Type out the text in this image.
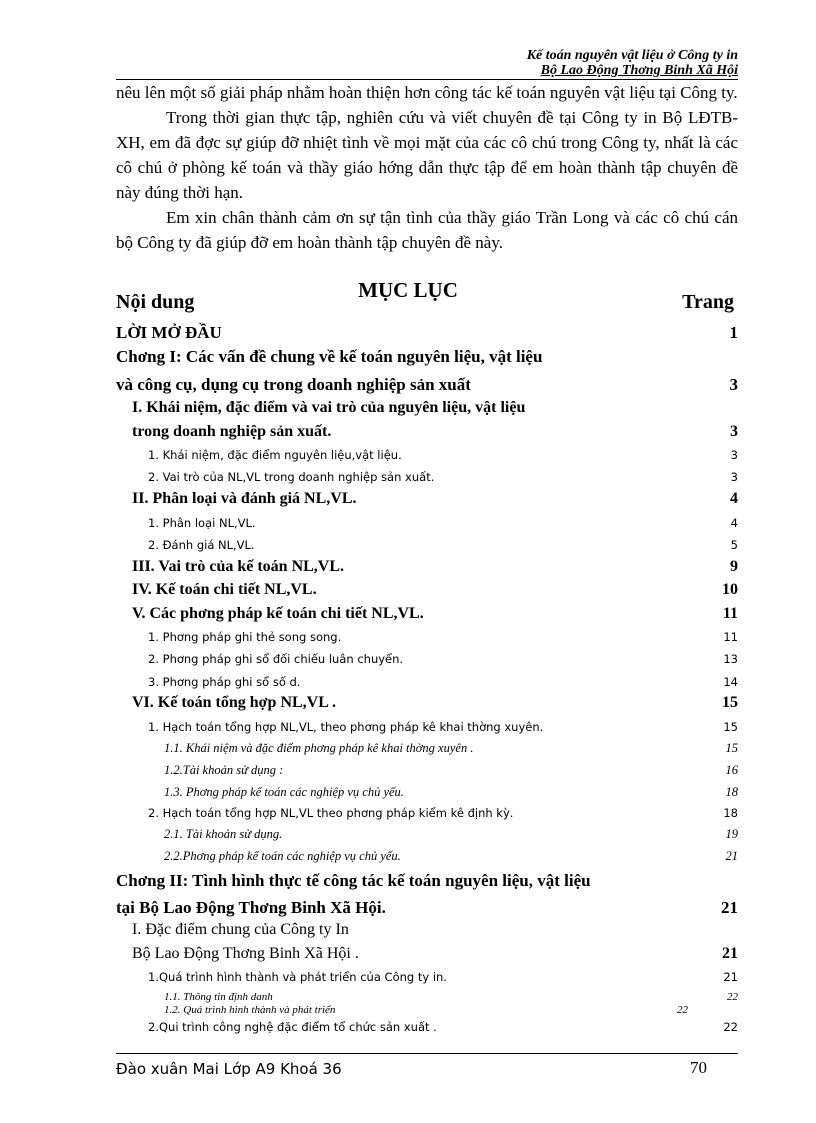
Kế toán nguyên vật liệu ở Công ty in
Bộ Lao Động Thơng Binh Xã Hội

nêu lên một số giải pháp nhằm hoàn thiện hơn công tác kế toán nguyên vật liệu tại Công ty.

Trong thời gian thực tập, nghiên cứu và viết chuyên đề tại Công ty in Bộ LĐTB-XH, em đã đợc sự giúp đỡ nhiệt tình về mọi mặt của các cô chú trong Công ty, nhất là các cô chú ở phòng kế toán và thầy giáo hớng dẫn thực tập để em hoàn thành tập chuyên đề này đúng thời hạn.

Em xin chân thành cảm ơn sự tận tình của thầy giáo Trần Long và các cô chú cán bộ Công ty đã giúp đỡ em hoàn thành tập chuyên đề này.

MỤC LỤC
Nội dung	Trang
LỜI MỞ ĐẦU	1
Chơng I: Các vấn đề chung về kế toán nguyên liệu, vật liệu
và công cụ, dụng cụ trong doanh nghiệp sản xuất	3
I. Khái niệm, đặc điểm và vai trò của nguyên liệu, vật liệu
trong doanh nghiệp sản xuất.	3
1. Khái niệm, đặc điểm nguyên liệu,vật liệu.	3
2. Vai trò của NL,VL trong doanh nghiệp sản xuất.	3
II. Phân loại và đánh giá NL,VL.	4
1. Phân loại NL,VL.	4
2. Đánh giá NL,VL.	5
III. Vai trò của kế toán NL,VL.	9
IV. Kế toán chi tiết NL,VL.	10
V. Các phơng pháp kế toán chi tiết NL,VL.	11
1. Phơng pháp ghi thẻ song song.	11
2. Phơng pháp ghi sổ đối chiếu luân chuyển.	13
3. Phơng pháp ghi sổ số d.	14
VI. Kế toán tổng hợp NL,VL .	15
1. Hạch toán tổng hợp NL,VL, theo phơng pháp kê khai thờng xuyên.	15
1.1. Khái niệm và đặc điểm phơng pháp kê khai thờng xuyên .	15
1.2.Tài khoản sử dụng :	16
1.3. Phơng pháp kế toán các nghiệp vụ chủ yếu.	18
2. Hạch toán tổng hợp NL,VL theo phơng pháp kiểm kê định kỳ.	18
2.1. Tài khoản sử dụng.	19
2.2.Phơng pháp kế toán các nghiệp vụ chủ yếu.	21
Chơng II: Tình hình thực tế công tác kế toán nguyên liệu, vật liệu
tại Bộ Lao Động Thơng Binh Xã Hội.	21
I. Đặc điểm chung của Công ty In
Bộ Lao Động Thơng Binh Xã Hội .	21
1.Quá trình hình thành và phát triển của Công ty in.	21
1.1. Thông tin định danh	22
1.2. Quá trình hình thành và phát triển	22
2.Qui trình công nghệ đặc điểm tổ chức sản xuất .	22
Đào xuân Mai Lớp A9 Khoá 36	70
